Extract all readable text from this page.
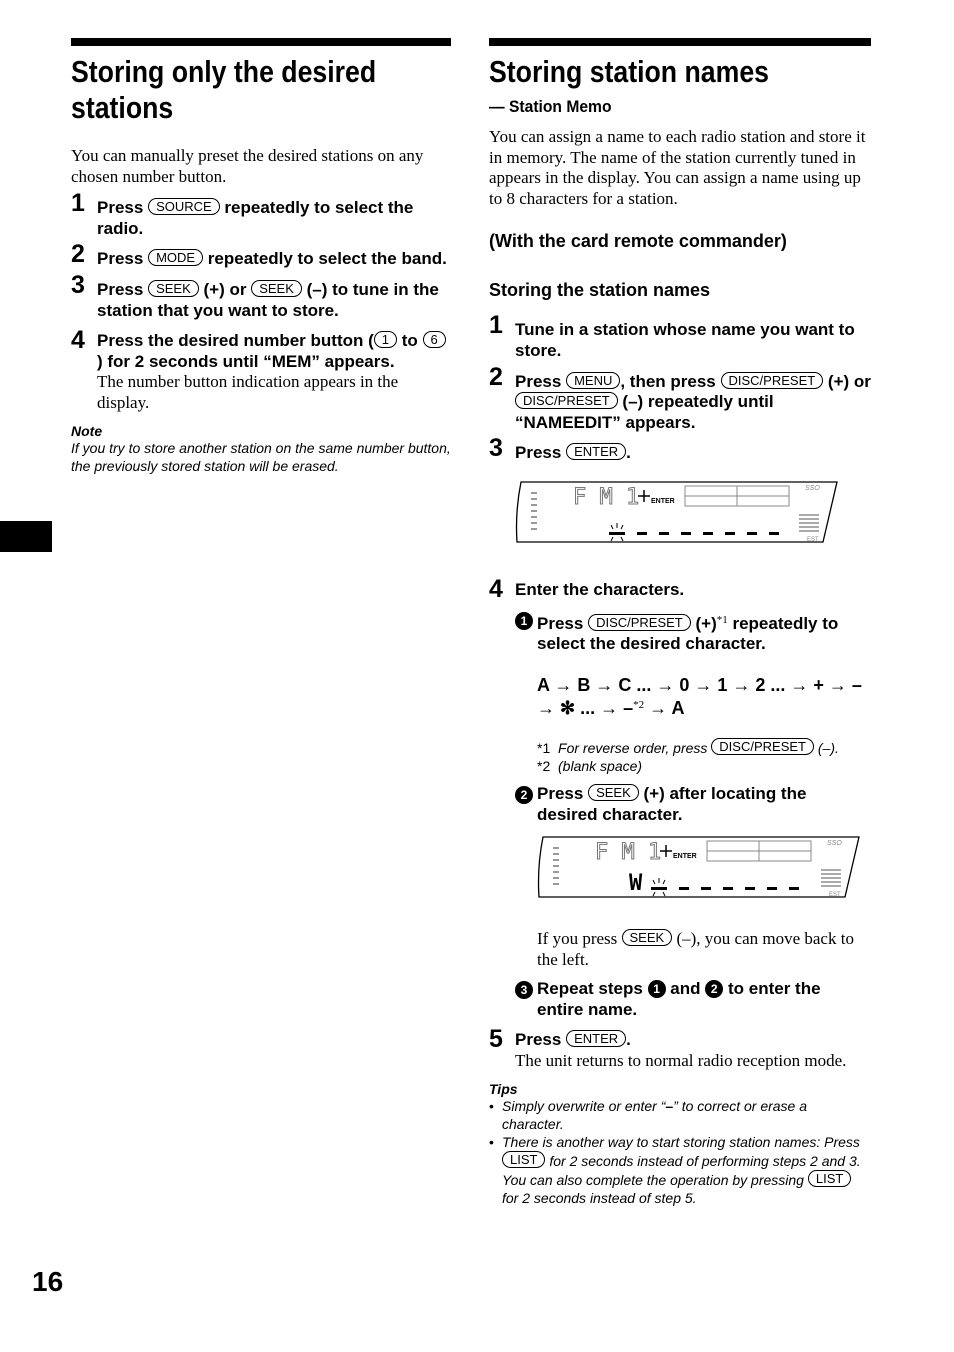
Storing only the desired stations

You can manually preset the desired stations on any chosen number button.

1 Press SOURCE repeatedly to select the radio.
2 Press MODE repeatedly to select the band.
3 Press SEEK (+) or SEEK (–) to tune in the station that you want to store.
4 Press the desired number button ( 1 to 6) for 2 seconds until “MEM” appears.

The number button indication appears in the display.

Note
If you try to store another station on the same number button, the previously stored station will be erased.
Storing station names
— Station Memo

You can assign a name to each radio station and store it in memory. The name of the station currently tuned in appears in the display. You can assign a name using up to 8 characters for a station.

(With the card remote commander)
Storing the station names
1 Tune in a station whose name you want to store.
2 Press MENU , then press DISC/PRESET (+) or DISC/PRESET (–) repeatedly until “NAMEEDIT” appears.
3 Press ENTER .
F M 1 ENTER
SSO
EST
4 Enter the characters.
1 Press DISC/PRESET $(+)^{*1}$ repeatedly to select the desired character.
A → B → C ... → 0 → 1 → 2 ... → + → – → ✻ ... → –$^{*2}$ → A
*1 For reverse order, press DISC/PRESET (–).
*2 (blank space)
2 Press SEEK (+) after locating the desired character.
F M 1 ENTER
SSO
EST
W

If you press SEEK (–), you can move back to the left.

3 Repeat steps 1 and 2 to enter the entire name.
5 Press ENTER .

The unit returns to normal radio reception mode.

Tips
• Simply overwrite or enter “–” to correct or erase a character.
• There is another way to start storing station names: Press LIST for 2 seconds instead of performing steps 2 and 3. You can also complete the operation by pressing LIST for 2 seconds instead of step 5.
16
